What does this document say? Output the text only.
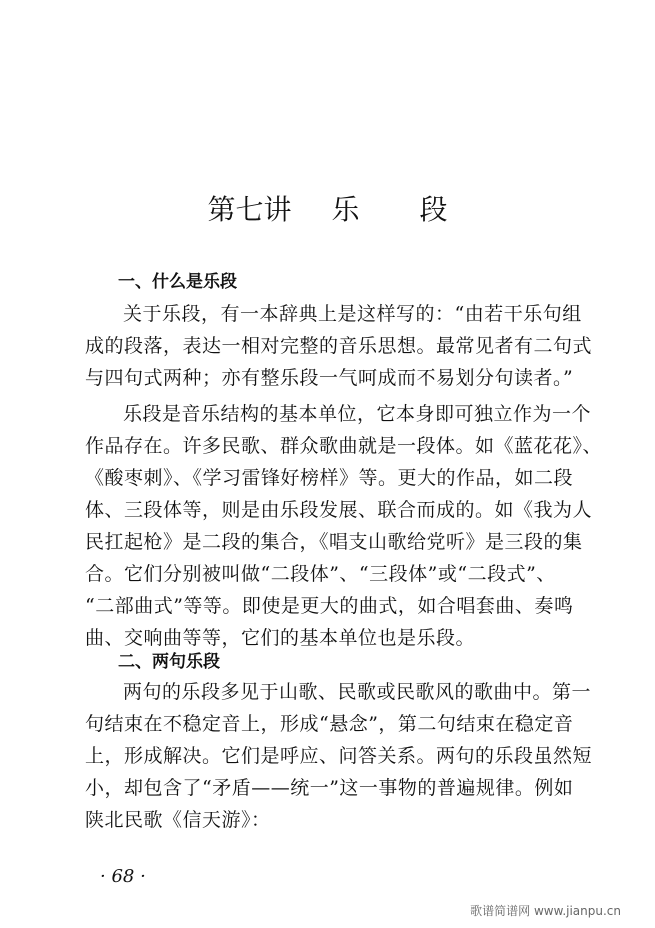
第七讲 乐 段
一、什么是乐段
关于乐段，有一本辞典上是这样写的：“由若干乐句组
成的段落，表达一相对完整的音乐思想。最常见者有二句式
与四句式两种；亦有整乐段一气呵成而不易划分句读者。”
乐段是音乐结构的基本单位，它本身即可独立作为一个
作品存在。许多民歌、群众歌曲就是一段体。如《蓝花花》、
《酸枣刺》、《学习雷锋好榜样》等。更大的作品，如二段
体、三段体等，则是由乐段发展、联合而成的。如《我为人
民扛起枪》是二段的集合，《唱支山歌给党听》是三段的集
合。它们分别被叫做“二段体”、“三段体”或“二段式”、
“二部曲式”等等。即使是更大的曲式，如合唱套曲、奏鸣
曲、交响曲等等，它们的基本单位也是乐段。
二、两句乐段
两句的乐段多见于山歌、民歌或民歌风的歌曲中。第一
句结束在不稳定音上，形成“悬念”，第二句结束在稳定音
上，形成解决。它们是呼应、问答关系。两句的乐段虽然短
小，却包含了“矛盾——统一”这一事物的普遍规律。例如
陕北民歌《信天游》：
· 68 ·
歌谱简谱网 www.jianpu.cn
